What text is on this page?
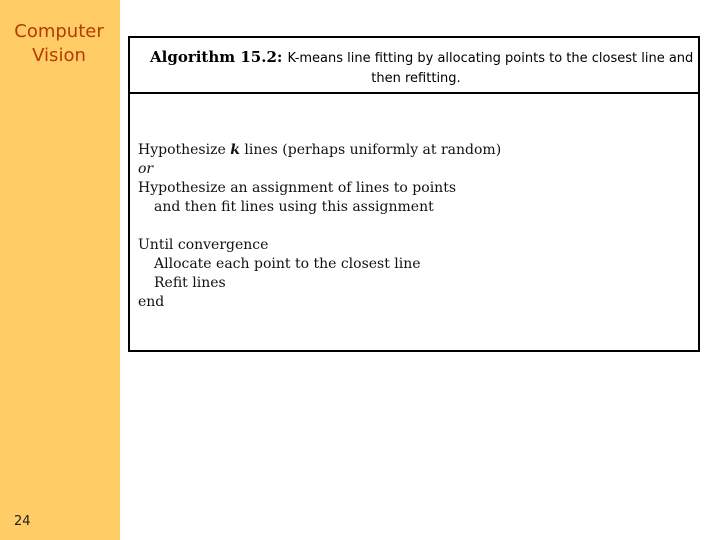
Computer
Vision
24
Algorithm 15.2: K-means line fitting by allocating points to the closest line and
then refitting.
Hypothesize k lines (perhaps uniformly at random)
or
Hypothesize an assignment of lines to points
and then fit lines using this assignment
Until convergence
Allocate each point to the closest line
Refit lines
end
